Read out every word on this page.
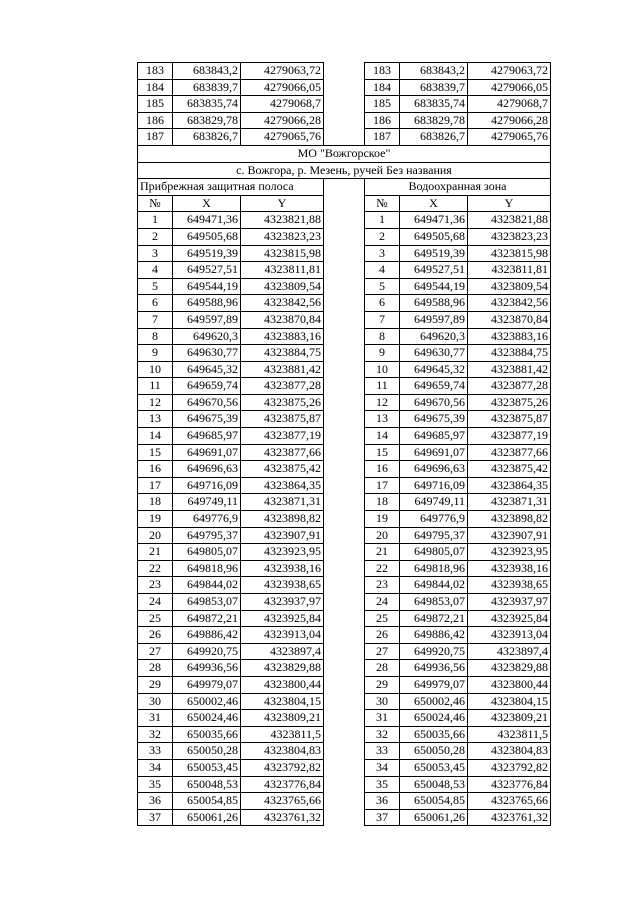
183	683843,2	4279063,72		183	683843,2	4279063,72
184	683839,7	4279066,05		184	683839,7	4279066,05
185	683835,74	4279068,7		185	683835,74	4279068,7
186	683829,78	4279066,28		186	683829,78	4279066,28
187	683826,7	4279065,76		187	683826,7	4279065,76
МО "Вожгорское"						
с. Вожгора, р. Мезень, ручей Без названия						
Прибрежная защитная полоса				Водоохранная зона		
№	X	Y		№	X	Y
1	649471,36	4323821,88		1	649471,36	4323821,88
2	649505,68	4323823,23		2	649505,68	4323823,23
3	649519,39	4323815,98		3	649519,39	4323815,98
4	649527,51	4323811,81		4	649527,51	4323811,81
5	649544,19	4323809,54		5	649544,19	4323809,54
6	649588,96	4323842,56		6	649588,96	4323842,56
7	649597,89	4323870,84		7	649597,89	4323870,84
8	649620,3	4323883,16		8	649620,3	4323883,16
9	649630,77	4323884,75		9	649630,77	4323884,75
10	649645,32	4323881,42		10	649645,32	4323881,42
11	649659,74	4323877,28		11	649659,74	4323877,28
12	649670,56	4323875,26		12	649670,56	4323875,26
13	649675,39	4323875,87		13	649675,39	4323875,87
14	649685,97	4323877,19		14	649685,97	4323877,19
15	649691,07	4323877,66		15	649691,07	4323877,66
16	649696,63	4323875,42		16	649696,63	4323875,42
17	649716,09	4323864,35		17	649716,09	4323864,35
18	649749,11	4323871,31		18	649749,11	4323871,31
19	649776,9	4323898,82		19	649776,9	4323898,82
20	649795,37	4323907,91		20	649795,37	4323907,91
21	649805,07	4323923,95		21	649805,07	4323923,95
22	649818,96	4323938,16		22	649818,96	4323938,16
23	649844,02	4323938,65		23	649844,02	4323938,65
24	649853,07	4323937,97		24	649853,07	4323937,97
25	649872,21	4323925,84		25	649872,21	4323925,84
26	649886,42	4323913,04		26	649886,42	4323913,04
27	649920,75	4323897,4		27	649920,75	4323897,4
28	649936,56	4323829,88		28	649936,56	4323829,88
29	649979,07	4323800,44		29	649979,07	4323800,44
30	650002,46	4323804,15		30	650002,46	4323804,15
31	650024,46	4323809,21		31	650024,46	4323809,21
32	650035,66	4323811,5		32	650035,66	4323811,5
33	650050,28	4323804,83		33	650050,28	4323804,83
34	650053,45	4323792,82		34	650053,45	4323792,82
35	650048,53	4323776,84		35	650048,53	4323776,84
36	650054,85	4323765,66		36	650054,85	4323765,66
37	650061,26	4323761,32		37	650061,26	4323761,32
